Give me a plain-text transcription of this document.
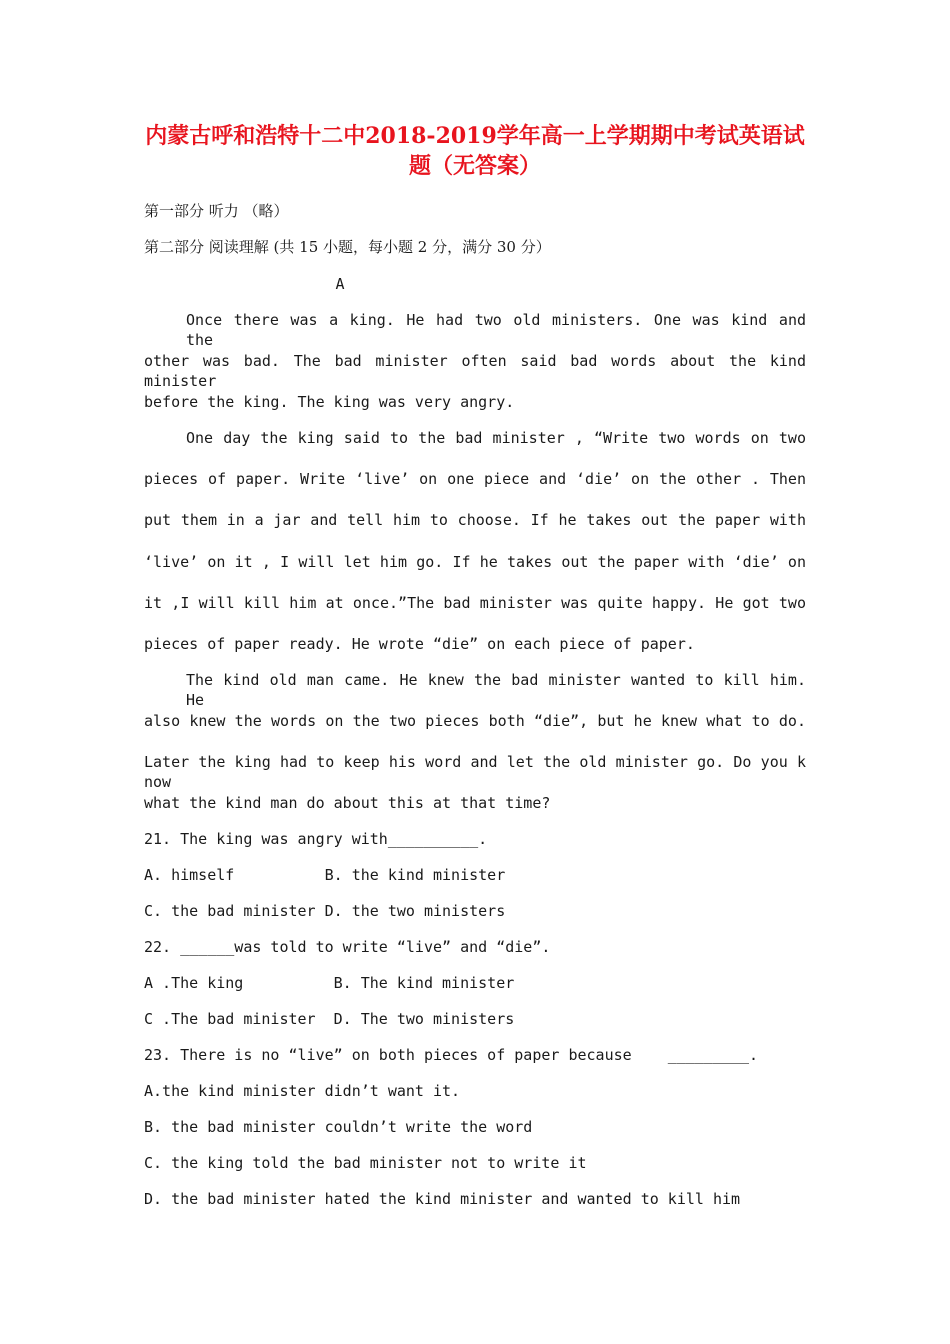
内蒙古呼和浩特十二中2018-2019学年高一上学期期中考试英语试
题（无答案）
第一部分 听力 （略）
第二部分 阅读理解 (共 15 小题，每小题 2 分，满分 30 分）
A
Once there was a king. He had two old ministers. One was kind and the
other was bad. The bad minister often said bad words about the kind minister
before the king. The king was very angry.
One day the king said to the bad minister , “Write two words on two
pieces of paper. Write ‘live’ on one piece and ‘die’ on the other . Then
put them in a jar and tell him to choose. If he takes out the paper with
‘live’ on it , I will let him go. If he takes out the paper with ‘die’ on
it ,I will kill him at once.”The bad minister was quite happy. He got two
pieces of paper ready. He wrote “die” on each piece of paper.
The kind old man came. He knew the bad minister wanted to kill him. He
also knew the words on the two pieces both “die”, but he knew what to do.
Later the king had to keep his word and let the old minister go. Do you k now
what the kind man do about this at that time?
21. The king was angry with__________.
A. himself          B. the kind minister
C. the bad minister D. the two ministers
22. ______was told to write “live” and “die”.
A .The king          B. The kind minister
C .The bad minister  D. The two ministers
23. There is no “live” on both pieces of paper because    _________.
A.the kind minister didn’t want it.
B. the bad minister couldn’t write the word
C. the king told the bad minister not to write it
D. the bad minister hated the kind minister and wanted to kill him
